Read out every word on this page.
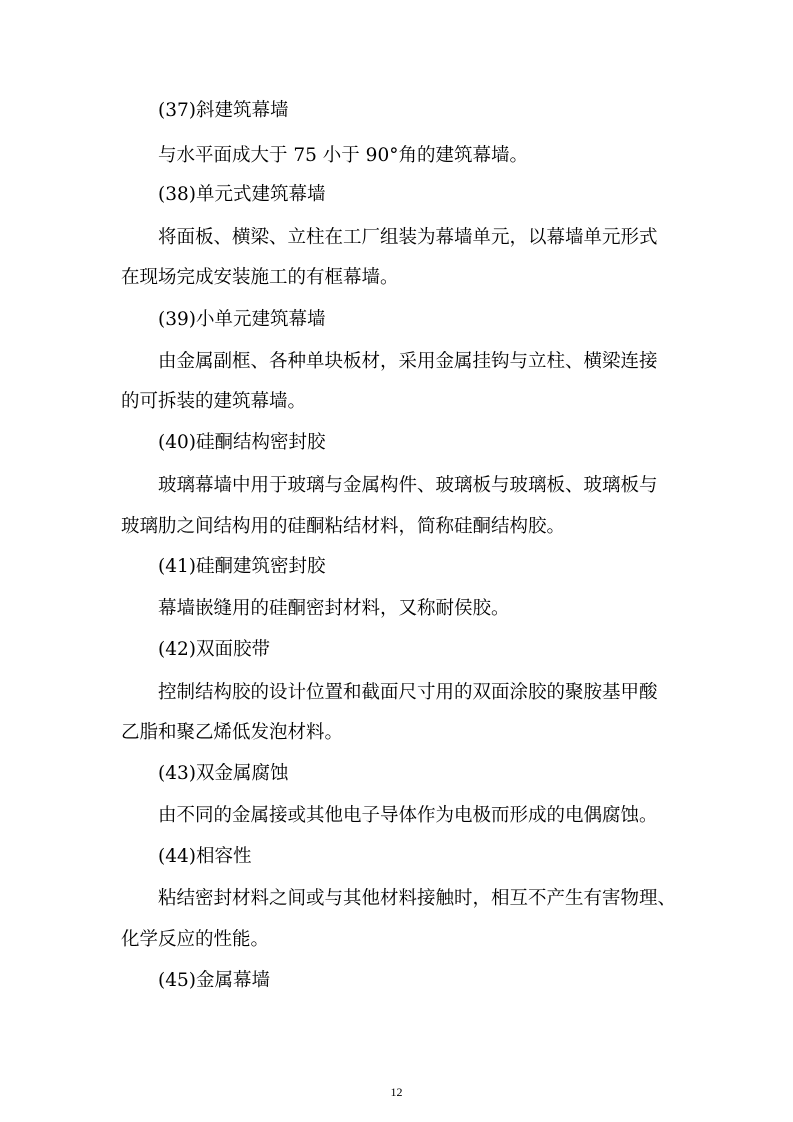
(37)斜建筑幕墙
与水平面成大于 75 小于 90°角的建筑幕墙。
(38)单元式建筑幕墙
将面板、横梁、立柱在工厂组装为幕墙单元，以幕墙单元形式
在现场完成安装施工的有框幕墙。
(39)小单元建筑幕墙
由金属副框、各种单块板材，采用金属挂钩与立柱、横梁连接
的可拆装的建筑幕墙。
(40)硅酮结构密封胶
玻璃幕墙中用于玻璃与金属构件、玻璃板与玻璃板、玻璃板与
玻璃肋之间结构用的硅酮粘结材料，简称硅酮结构胶。
(41)硅酮建筑密封胶
幕墙嵌缝用的硅酮密封材料，又称耐侯胶。
(42)双面胶带
控制结构胶的设计位置和截面尺寸用的双面涂胶的聚胺基甲酸
乙脂和聚乙烯低发泡材料。
(43)双金属腐蚀
由不同的金属接或其他电子导体作为电极而形成的电偶腐蚀。
(44)相容性
粘结密封材料之间或与其他材料接触时，相互不产生有害物理、
化学反应的性能。
(45)金属幕墙
12
